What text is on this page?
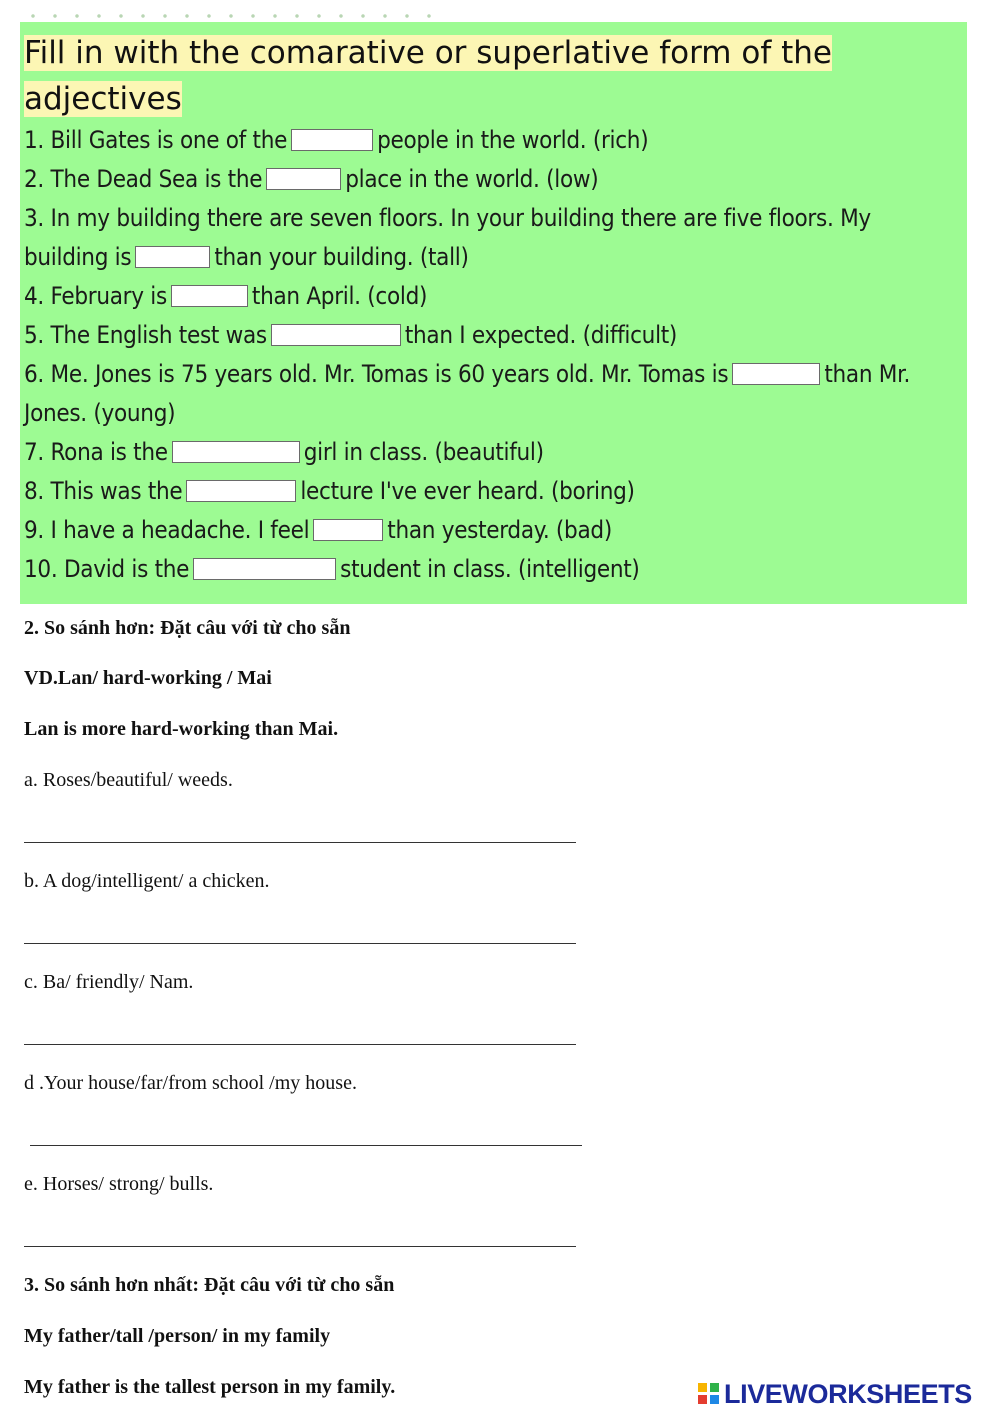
Fill in with the comarative or superlative form of the
adjectives

1. Bill Gates is one of the	people in the world. (rich)

2. The Dead Sea is the	place in the world. (low)

3. In my building there are seven floors. In your building there are five floors. My

building is	than your building. (tall)

4. February is	than April. (cold)

5. The English test was	than I expected. (difficult)

6. Me. Jones is 75 years old. Mr. Tomas is 60 years old. Mr. Tomas is	than Mr.

Jones. (young)

7. Rona is the	girl in class. (beautiful)

8. This was the	lecture I've ever heard. (boring)

9. I have a headache. I feel	than yesterday. (bad)

10. David is the	student in class. (intelligent)

2. So sánh hơn: Đặt câu với từ cho sẵn

VD.Lan/ hard-working / Mai

Lan is more hard-working than Mai.

a. Roses/beautiful/ weeds.

b. A dog/intelligent/ a chicken.

c. Ba/ friendly/ Nam.

d .Your house/far/from school /my house.

e. Horses/ strong/ bulls.

3. So sánh hơn nhất: Đặt câu với từ cho sẵn

My father/tall /person/ in my family

My father is the tallest person in my family.	LIVEWORKSHEETS
